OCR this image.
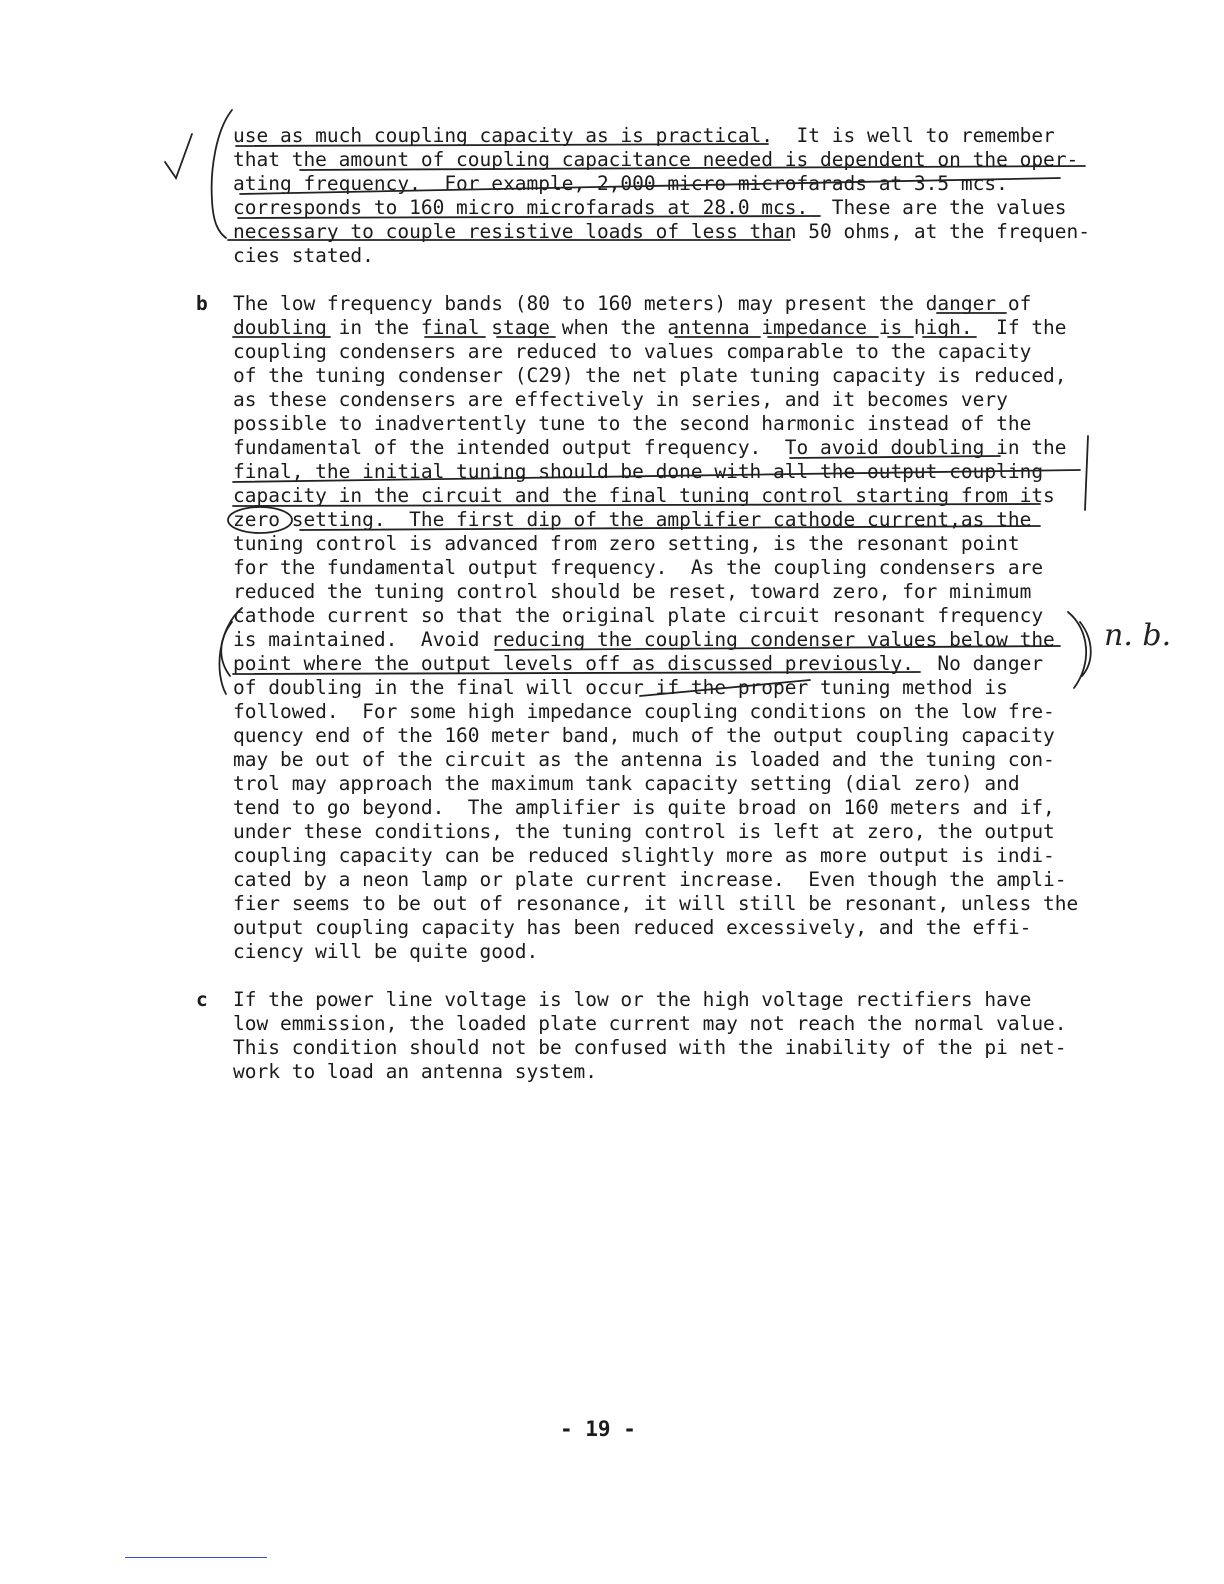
use as much coupling capacity as is practical.  It is well to remember

that the amount of coupling capacitance needed is dependent on the oper-

ating frequency.  For example, 2,000 micro microfarads at 3.5 mcs.

corresponds to 160 micro microfarads at 28.0 mcs.  These are the values

necessary to couple resistive loads of less than 50 ohms, at the frequen-

cies stated.

b The low frequency bands (80 to 160 meters) may present the danger of

doubling in the final stage when the antenna impedance is high.  If the

coupling condensers are reduced to values comparable to the capacity

of the tuning condenser (C29) the net plate tuning capacity is reduced,

as these condensers are effectively in series, and it becomes very

possible to inadvertently tune to the second harmonic instead of the

fundamental of the intended output frequency.  To avoid doubling in the

final, the initial tuning should be done with all the output coupling

capacity in the circuit and the final tuning control starting from its

zero setting.  The first dip of the amplifier cathode current,as the

tuning control is advanced from zero setting, is the resonant point

for the fundamental output frequency.  As the coupling condensers are

reduced the tuning control should be reset, toward zero, for minimum

cathode current so that the original plate circuit resonant frequency

is maintained.  Avoid reducing the coupling condenser values below the

point where the output levels off as discussed previously.  No danger

of doubling in the final will occur if the proper tuning method is

followed.  For some high impedance coupling conditions on the low fre-

quency end of the 160 meter band, much of the output coupling capacity

may be out of the circuit as the antenna is loaded and the tuning con-

trol may approach the maximum tank capacity setting (dial zero) and

tend to go beyond.  The amplifier is quite broad on 160 meters and if,

under these conditions, the tuning control is left at zero, the output

coupling capacity can be reduced slightly more as more output is indi-

cated by a neon lamp or plate current increase.  Even though the ampli-

fier seems to be out of resonance, it will still be resonant, unless the

output coupling capacity has been reduced excessively, and the effi-

ciency will be quite good.

c If the power line voltage is low or the high voltage rectifiers have

low emmission, the loaded plate current may not reach the normal value.

This condition should not be confused with the inability of the pi net-

work to load an antenna system.

- 19 -
n. b.
